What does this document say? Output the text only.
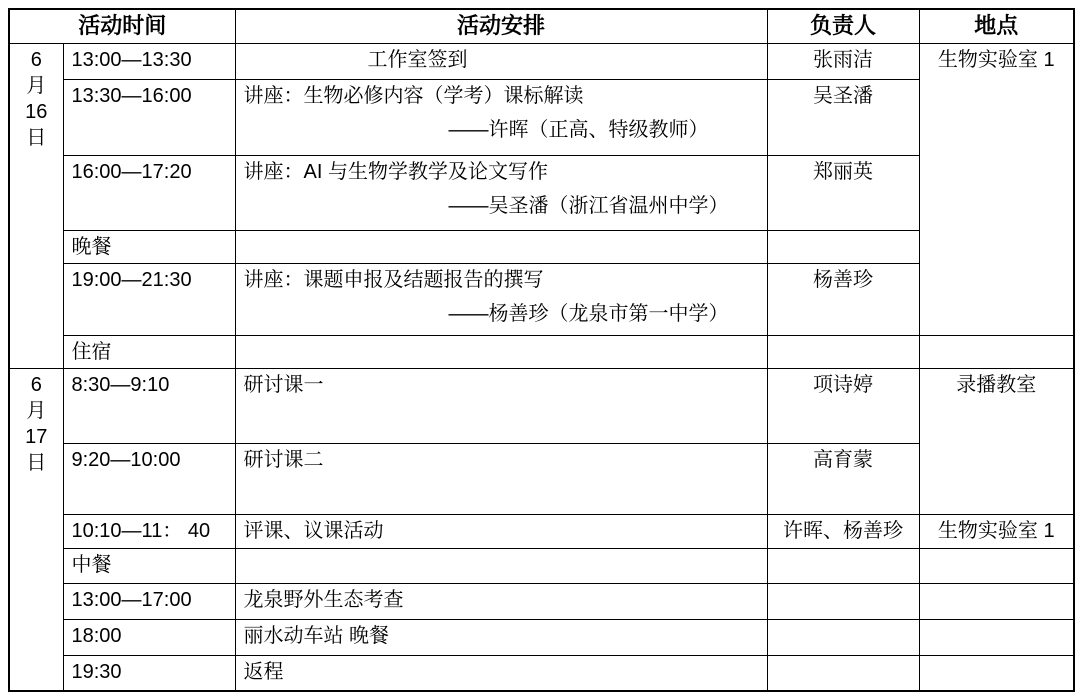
活动时间		活动安排	负责人	地点

6
月
16
日	13:00—13:30	工作室签到	张雨洁	生物实验室 1
	13:30—16:00	讲座：生物必修内容（学考）课标解读
——许晖（正高、特级教师）	吴圣潘	
	16:00—17:20	讲座：AI 与生物学教学及论文写作
——吴圣潘（浙江省温州中学）	郑丽英	
	晚餐			
	19:00—21:30	讲座：课题申报及结题报告的撰写
——杨善珍（龙泉市第一中学）	杨善珍	
	住宿			

6
月
17
日	8:30—9:10	研讨课一	项诗婷	录播教室
	9:20—10:00	研讨课二	高育蒙	
	10:10—11： 40	评课、议课活动	许晖、杨善珍	生物实验室 1
	中餐			
	13:00—17:00	龙泉野外生态考查		
	18:00	丽水动车站 晚餐		
	19:30	返程		
